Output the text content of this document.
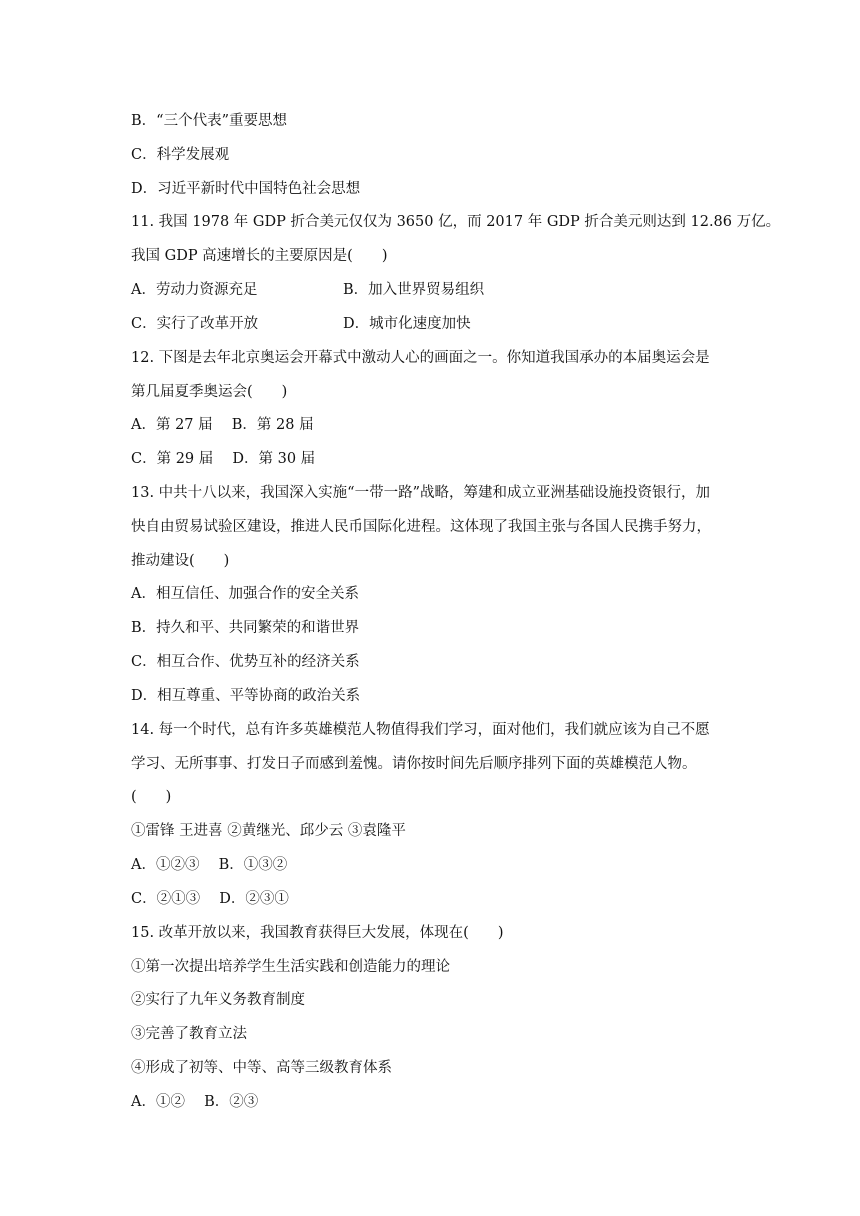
B．“三个代表”重要思想
C．科学发展观
D．习近平新时代中国特色社会思想
11. 我国 1978 年 GDP 折合美元仅仅为 3650 亿，而 2017 年 GDP 折合美元则达到 12.86 万亿。
我国 GDP 高速增长的主要原因是(　　)
A．劳动力资源充足	B．加入世界贸易组织
C．实行了改革开放	D．城市化速度加快
12. 下图是去年北京奥运会开幕式中激动人心的画面之一。你知道我国承办的本届奥运会是
第几届夏季奥运会(　　)
A．第 27 届　 B．第 28 届
C．第 29 届　 D．第 30 届
13. 中共十八以来，我国深入实施“一带一路”战略，筹建和成立亚洲基础设施投资银行，加
快自由贸易试验区建设，推进人民币国际化进程。这体现了我国主张与各国人民携手努力，
推动建设(　　)
A．相互信任、加强合作的安全关系
B．持久和平、共同繁荣的和谐世界
C．相互合作、优势互补的经济关系
D．相互尊重、平等协商的政治关系
14. 每一个时代，总有许多英雄模范人物值得我们学习，面对他们，我们就应该为自己不愿
学习、无所事事、打发日子而感到羞愧。请你按时间先后顺序排列下面的英雄模范人物。
(　　)
①雷锋 王进喜 ②黄继光、邱少云 ③袁隆平
A．①②③　 B．①③②
C．②①③　 D．②③①
15. 改革开放以来，我国教育获得巨大发展，体现在(　　)
①第一次提出培养学生生活实践和创造能力的理论
②实行了九年义务教育制度
③完善了教育立法
④形成了初等、中等、高等三级教育体系
A．①②　 B．②③
